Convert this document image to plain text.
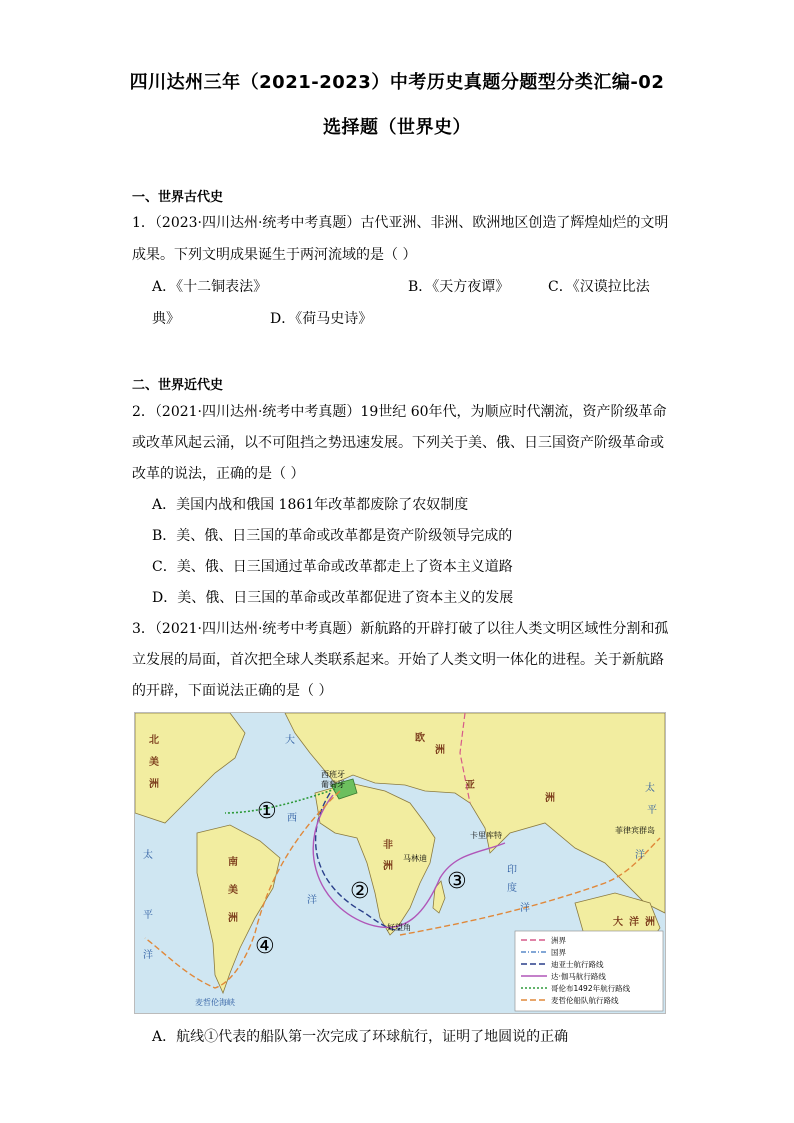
四川达州三年（2021-2023）中考历史真题分题型分类汇编-02
选择题（世界史）
一、世界古代史
1．（2023·四川达州·统考中考真题）古代亚洲、非洲、欧洲地区创造了辉煌灿烂的文明
成果。下列文明成果诞生于两河流域的是（ ）
A．《十二铜表法》	B．《天方夜谭》	C．《汉谟拉比法
典》	D．《荷马史诗》
二、世界近代史
2．（2021·四川达州·统考中考真题）19世纪 60年代，为顺应时代潮流，资产阶级革命
或改革风起云涌，以不可阻挡之势迅速发展。下列关于美、俄、日三国资产阶级革命或
改革的说法，正确的是（ ）
A．美国内战和俄国 1861年改革都废除了农奴制度
B．美、俄、日三国的革命或改革都是资产阶级领导完成的
C．美、俄、日三国通过革命或改革都走上了资本主义道路
D．美、俄、日三国的革命或改革都促进了资本主义的发展
3．（2021·四川达州·统考中考真题）新航路的开辟打破了以往人类文明区域性分割和孤
立发展的局面，首次把全球人类联系起来。开始了人类文明一体化的进程。关于新航路
的开辟，下面说法正确的是（ ）
①
②	③
④
北
美
洲
南
美
洲
非
洲
欧
洲
亚
洲
大 洋 洲
大
西
洋
太
平
洋
太
平
洋
印
度
洋
西班牙
葡萄牙
卡里库特
马林迪
好望角
菲律宾群岛
麦哲伦海峡
洲界
国界
迪亚士航行路线
达·伽马航行路线
哥伦布1492年航行路线
麦哲伦船队航行路线
A．航线①代表的船队第一次完成了环球航行，证明了地圆说的正确
